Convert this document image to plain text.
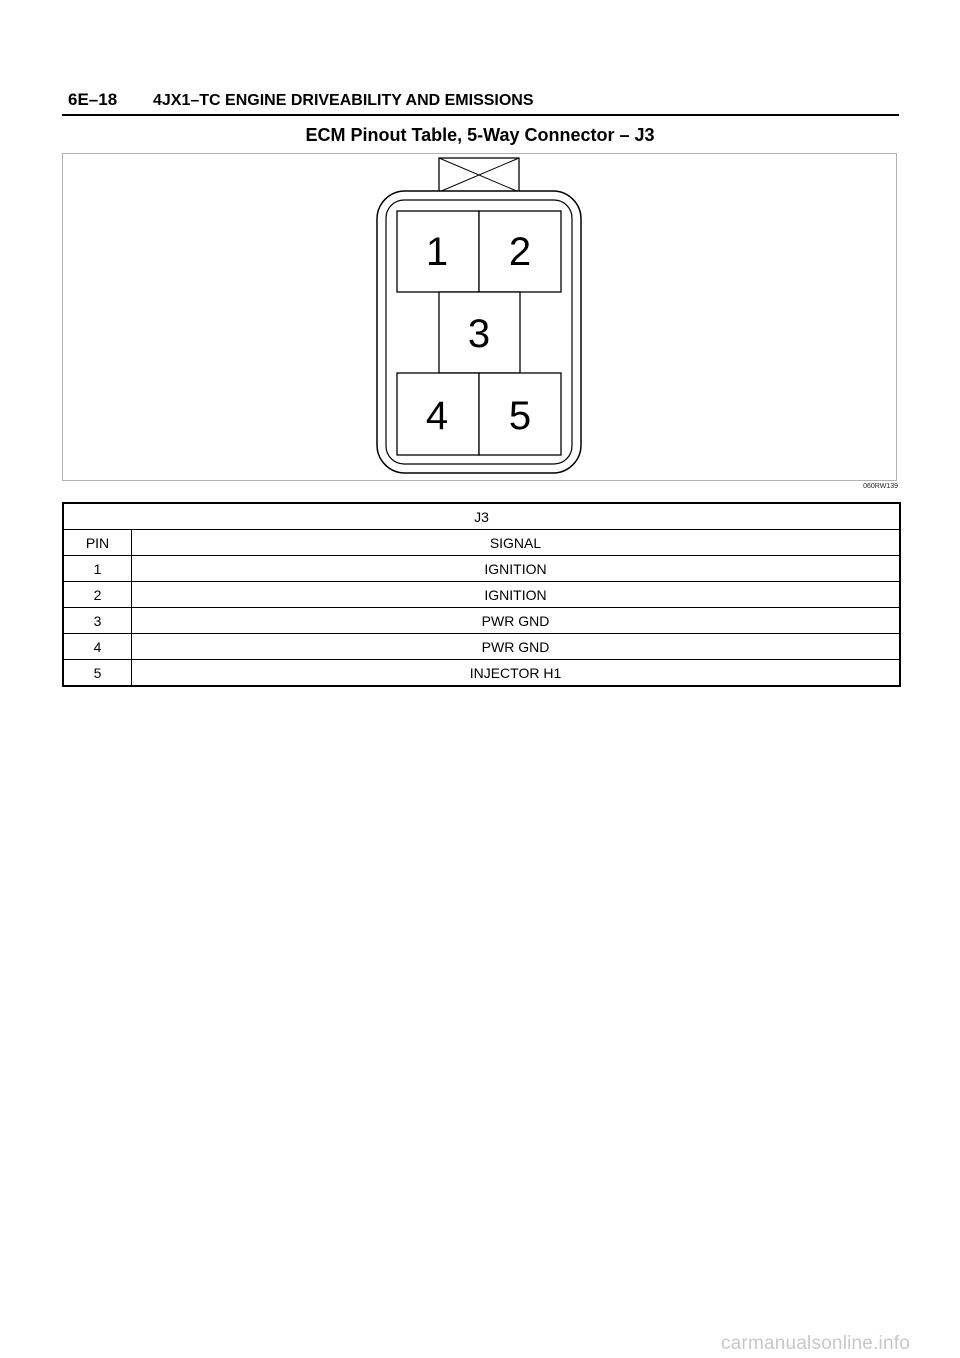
6E–18 4JX1–TC ENGINE DRIVEABILITY AND EMISSIONS
ECM Pinout Table, 5-Way Connector – J3
1 2
3
4 5
060RW139
J3	
PIN	SIGNAL
1	IGNITION
2	IGNITION
3	PWR GND
4	PWR GND
5	INJECTOR H1
carmanualsonline.info
